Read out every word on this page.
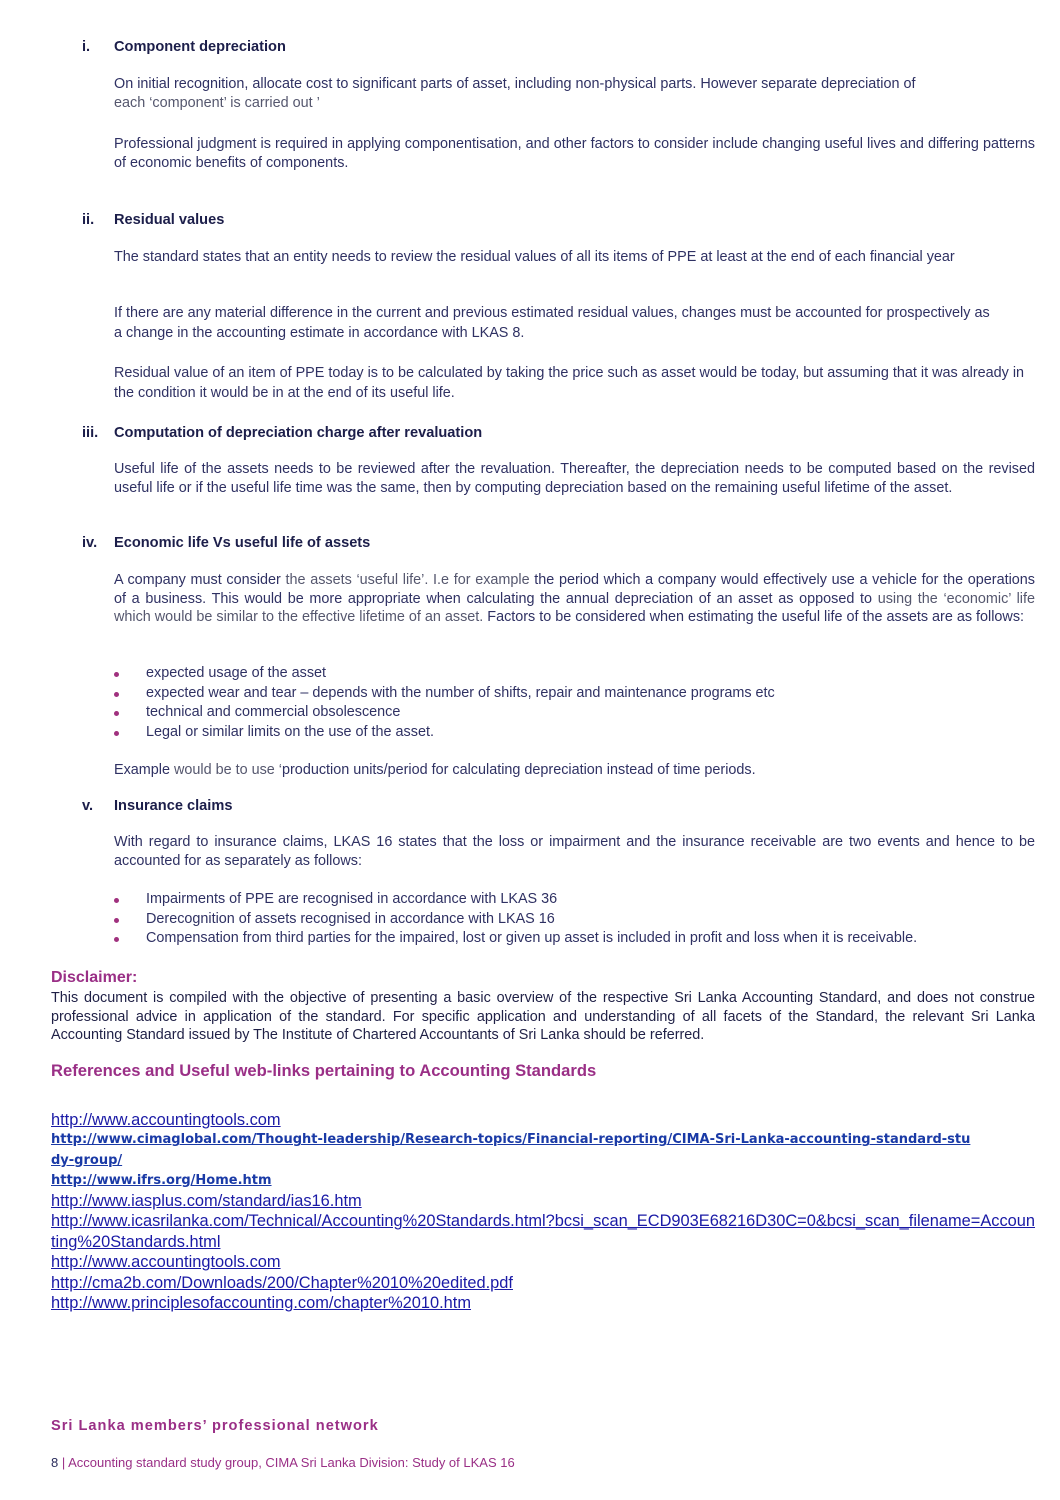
i. Component depreciation
On initial recognition, allocate cost to significant parts of asset, including non-physical parts. However separate depreciation of
each ‘component’ is carried out ’
Professional judgment is required in applying componentisation, and other factors to consider include changing useful lives and differing patterns of economic benefits of components.
ii. Residual values
The standard states that an entity needs to review the residual values of all its items of PPE at least at the end of each financial year
If there are any material difference in the current and previous estimated residual values, changes must be accounted for prospectively as a change in the accounting estimate in accordance with LKAS 8.
Residual value of an item of PPE today is to be calculated by taking the price such as asset would be today, but assuming that it was already in the condition it would be in at the end of its useful life.
iii. Computation of depreciation charge after revaluation
Useful life of the assets needs to be reviewed after the revaluation. Thereafter, the depreciation needs to be computed based on the revised useful life or if the useful life time was the same, then by computing depreciation based on the remaining useful lifetime of the asset.
iv. Economic life Vs useful life of assets
A company must consider the assets ‘useful life’. I.e for example the period which a company would effectively use a vehicle for the operations of a business. This would be more appropriate when calculating the annual depreciation of an asset as opposed to using the ‘economic’ life which would be similar to the effective lifetime of an asset. Factors to be considered when estimating the useful life of the assets are as follows:
expected usage of the asset
expected wear and tear – depends with the number of shifts, repair and maintenance programs etc
technical and commercial obsolescence
Legal or similar limits on the use of the asset.
Example would be to use ‘production units/period for calculating depreciation instead of time periods.
v. Insurance claims
With regard to insurance claims, LKAS 16 states that the loss or impairment and the insurance receivable are two events and hence to be accounted for as separately as follows:
Impairments of PPE are recognised in accordance with LKAS 36
Derecognition of assets recognised in accordance with LKAS 16
Compensation from third parties for the impaired, lost or given up asset is included in profit and loss when it is receivable.
Disclaimer:
This document is compiled with the objective of presenting a basic overview of the respective Sri Lanka Accounting Standard, and does not construe professional advice in application of the standard. For specific application and understanding of all facets of the Standard, the relevant Sri Lanka Accounting Standard issued by The Institute of Chartered Accountants of Sri Lanka should be referred.
References and Useful web-links pertaining to Accounting Standards
http://www.accountingtools.com
http://www.cimaglobal.com/Thought-leadership/Research-topics/Financial-reporting/CIMA-Sri-Lanka-accounting-standard-study-group/
http://www.ifrs.org/Home.htm
http://www.iasplus.com/standard/ias16.htm
http://www.icasrilanka.com/Technical/Accounting%20Standards.html?bcsi_scan_ECD903E68216D30C=0&bcsi_scan_filename=Accounting%20Standards.html
http://www.accountingtools.com
http://cma2b.com/Downloads/200/Chapter%2010%20edited.pdf
http://www.principlesofaccounting.com/chapter%2010.htm
Sri Lanka members’ professional network
8 | Accounting standard study group, CIMA Sri Lanka Division: Study of LKAS 16
